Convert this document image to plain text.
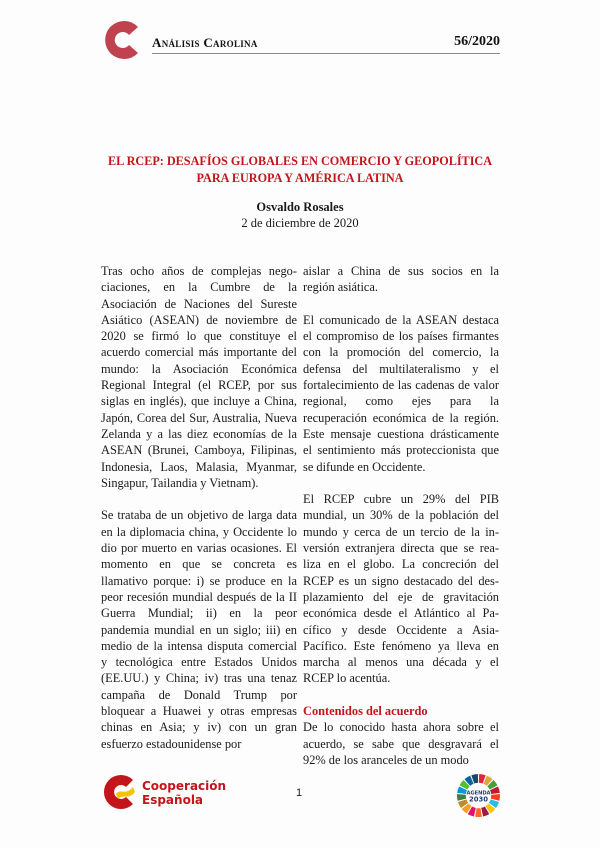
Análisis Carolina	56/2020
EL RCEP: DESAFÍOS GLOBALES EN COMERCIO Y GEOPOLÍTICA
PARA EUROPA Y AMÉRICA LATINA
Osvaldo Rosales
2 de diciembre de 2020

Tras ocho años de complejas negociaciones, en la Cumbre de la Asociación de Naciones del Sureste Asiático (ASEAN) de noviembre de 2020 se firmó lo que constituye el acuerdo comercial más importante del mundo: la Asociación Económica Regional Integral (el RCEP, por sus siglas en inglés), que incluye a China, Japón, Corea del Sur, Australia, Nueva Zelanda y a las diez economías de la ASEAN (Brunei, Camboya, Filipinas, Indonesia, Laos, Malasia, Myanmar, Singapur, Tailandia y Vietnam).

Se trataba de un objetivo de larga data en la diplomacia china, y Occidente lo dio por muerto en varias ocasiones. El momento en que se concreta es llamativo porque: i) se produce en la peor recesión mundial después de la II Guerra Mundial; ii) en la peor pandemia mundial en un siglo; iii) en medio de la intensa disputa comercial y tecnológica entre Estados Unidos (EE.UU.) y China; iv) tras una tenaz campaña de Donald Trump por bloquear a Huawei y otras empresas chinas en Asia; y iv) con un gran esfuerzo estadounidense por

aislar a China de sus socios en la región asiática.

El comunicado de la ASEAN destaca el compromiso de los países firmantes con la promoción del comercio, la defensa del multilateralismo y el fortalecimiento de las cadenas de valor regional, como ejes para la recuperación económica de la región. Este mensaje cuestiona drásticamente el sentimiento más proteccionista que se difunde en Occidente.

El RCEP cubre un 29% del PIB mundial, un 30% de la población del mundo y cerca de un tercio de la inversión extranjera directa que se realiza en el globo. La concreción del RCEP es un signo destacado del desplazamiento del eje de gravitación económica desde el Atlántico al Pacífico y desde Occidente a Asia-Pacífico. Este fenómeno ya lleva en marcha al menos una década y el RCEP lo acentúa.

Contenidos del acuerdo

De lo conocido hasta ahora sobre el acuerdo, se sabe que desgravará el 92% de los aranceles de un modo

Cooperación
Española	1	AGENDA
2030
